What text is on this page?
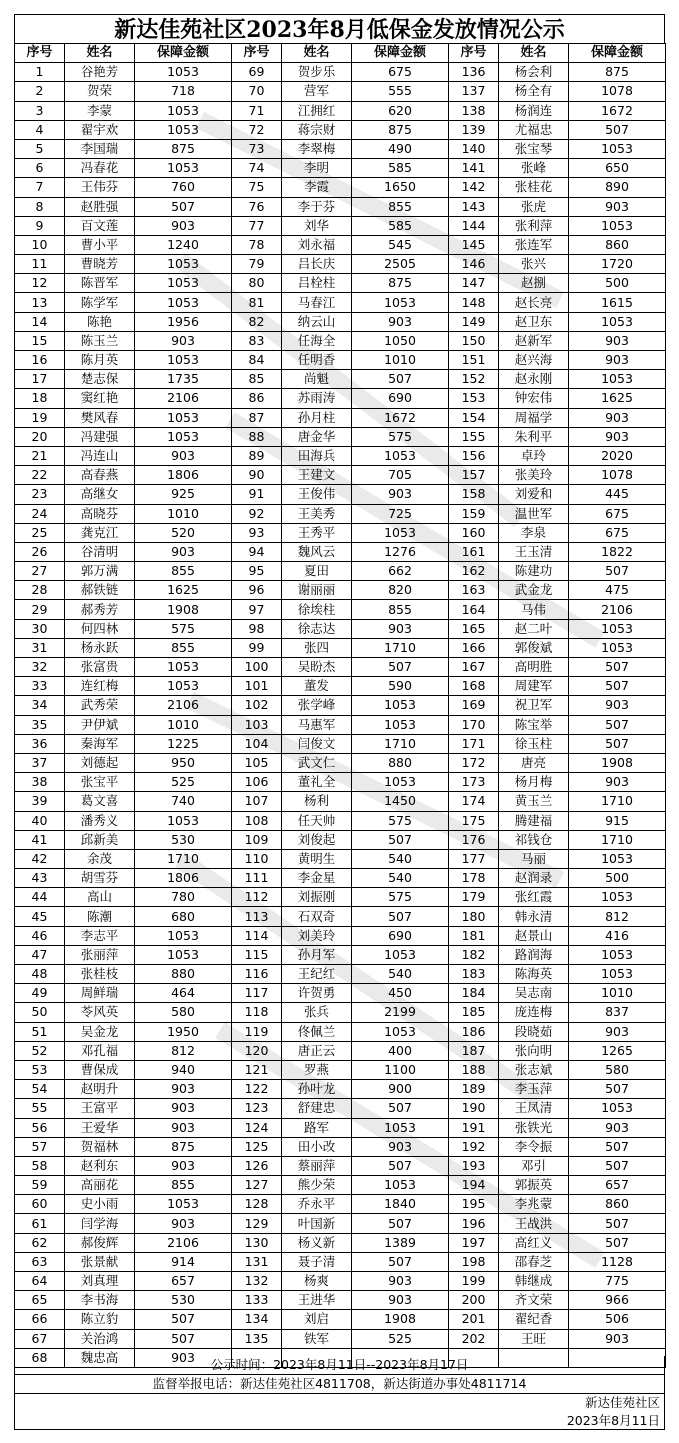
新达佳苑社区2023年8月低保金发放情况公示
序号	姓名	保障金额	序号	姓名	保障金额	序号	姓名	保障金额
1	谷艳芳	1053	69	贺步乐	675	136	杨会利	875
2	贺荣	718	70	营军	555	137	杨全有	1078
3	李蒙	1053	71	江拥红	620	138	杨润连	1672
4	翟宇欢	1053	72	蒋宗财	875	139	尤福忠	507
5	李国瑞	875	73	李翠梅	490	140	张宝琴	1053
6	冯春花	1053	74	李明	585	141	张峰	650
7	王伟芬	760	75	李霞	1650	142	张桂花	890
8	赵胜强	507	76	李于芬	855	143	张虎	903
9	百文莲	903	77	刘华	585	144	张利萍	1053
10	曹小平	1240	78	刘永福	545	145	张连军	860
11	曹晓芳	1053	79	吕长庆	2505	146	张兴	1720
12	陈晋军	1053	80	吕栓柱	875	147	赵捌	500
13	陈学军	1053	81	马春江	1053	148	赵长亮	1615
14	陈艳	1956	82	纳云山	903	149	赵卫东	1053
15	陈玉兰	903	83	任海全	1050	150	赵新军	903
16	陈月英	1053	84	任明香	1010	151	赵兴海	903
17	楚志保	1735	85	尚魁	507	152	赵永刚	1053
18	窦红艳	2106	86	苏雨涛	690	153	钟宏伟	1625
19	樊风春	1053	87	孙月柱	1672	154	周福学	903
20	冯建强	1053	88	唐金华	575	155	朱利平	903
21	冯连山	903	89	田海兵	1053	156	卓玲	2020
22	高春燕	1806	90	王建文	705	157	张美玲	1078
23	高继女	925	91	王俊伟	903	158	刘爱和	445
24	高晓芬	1010	92	王美秀	725	159	温世军	675
25	龚克江	520	93	王秀平	1053	160	李泉	675
26	谷清明	903	94	魏风云	1276	161	王玉清	1822
27	郭万满	855	95	夏田	662	162	陈建功	507
28	郝铁链	1625	96	谢丽丽	820	163	武金龙	475
29	郝秀芳	1908	97	徐埃柱	855	164	马伟	2106
30	何四林	575	98	徐志达	903	165	赵二叶	1053
31	杨永跃	855	99	张四	1710	166	郭俊斌	1053
32	张富贵	1053	100	吴盼杰	507	167	高明胜	507
33	连红梅	1053	101	董发	590	168	周建军	507
34	武秀荣	2106	102	张学峰	1053	169	祝卫军	903
35	尹伊斌	1010	103	马惠军	1053	170	陈宝举	507
36	秦海军	1225	104	闫俊文	1710	171	徐玉柱	507
37	刘德起	950	105	武文仁	880	172	唐亮	1908
38	张宝平	525	106	董礼全	1053	173	杨月梅	903
39	葛文喜	740	107	杨利	1450	174	黄玉兰	1710
40	潘秀义	1053	108	任天帅	575	175	腾建福	915
41	邱新美	530	109	刘俊起	507	176	祁钱仓	1710
42	余茂	1710	110	黄明生	540	177	马丽	1053
43	胡雪芬	1806	111	李金星	540	178	赵润录	500
44	高山	780	112	刘振刚	575	179	张红霞	1053
45	陈潮	680	113	石双奇	507	180	韩永清	812
46	李志平	1053	114	刘美玲	690	181	赵景山	416
47	张丽萍	1053	115	孙月军	1053	182	路润海	1053
48	张桂枝	880	116	王纪红	540	183	陈海英	1053
49	周鲜瑞	464	117	许贺勇	450	184	吴志南	1010
50	苓风英	580	118	张兵	2199	185	庞连梅	837
51	吴金龙	1950	119	佟佩兰	1053	186	段晓茹	903
52	邓孔福	812	120	唐正云	400	187	张向明	1265
53	曹保成	940	121	罗燕	1100	188	张志斌	580
54	赵明升	903	122	孙叶龙	900	189	李玉萍	507
55	王富平	903	123	舒建忠	507	190	王凤清	1053
56	王爱华	903	124	路军	1053	191	张铁光	903
57	贺福林	875	125	田小改	903	192	李令振	507
58	赵利东	903	126	蔡丽萍	507	193	邓引	507
59	高丽花	855	127	熊少荣	1053	194	郭振英	657
60	史小雨	1053	128	乔永平	1840	195	李兆蒙	860
61	闫学海	903	129	叶国新	507	196	王战洪	507
62	郝俊辉	2106	130	杨义新	1389	197	高红义	507
63	张景献	914	131	聂子清	507	198	邵春芝	1128
64	刘真理	657	132	杨爽	903	199	韩继成	775
65	李书海	530	133	王进华	903	200	齐文荣	966
66	陈立豹	507	134	刘启	1908	201	翟纪香	506
67	关治鸿	507	135	铁军	525	202	王旺	903
68	魏忠高	903							公示时间：2023年8月11日--2023年8月17日
监督举报电话：新达佳苑社区4811708，新达街道办事处4811714
新达佳苑社区
2023年8月11日
